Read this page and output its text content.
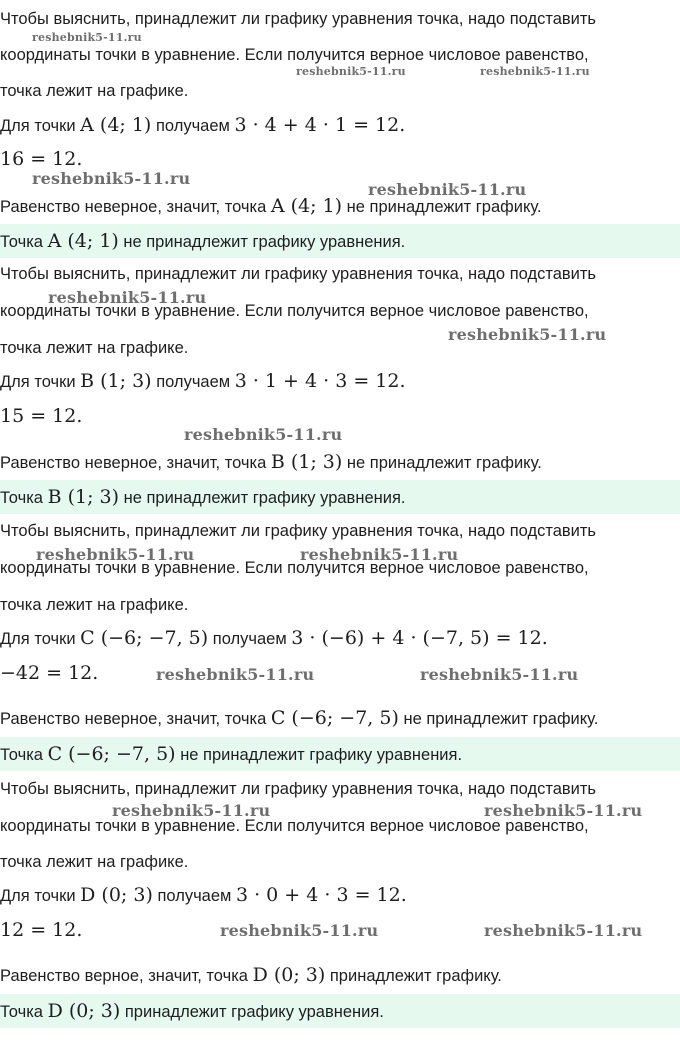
Чтобы выяснить, принадлежит ли графику уравнения точка, надо подставить
координаты точки в уравнение. Если получится верное числовое равенство,
точка лежит на графике.
Для точки A (4; 1) получаем 3 · 4 + 4 · 1 = 12.
16 = 12.
Равенство неверное, значит, точка A (4; 1) не принадлежит графику.
Точка A (4; 1) не принадлежит графику уравнения.
Чтобы выяснить, принадлежит ли графику уравнения точка, надо подставить
координаты точки в уравнение. Если получится верное числовое равенство,
точка лежит на графике.
Для точки B (1; 3) получаем 3 · 1 + 4 · 3 = 12.
15 = 12.
Равенство неверное, значит, точка B (1; 3) не принадлежит графику.
Точка B (1; 3) не принадлежит графику уравнения.
Чтобы выяснить, принадлежит ли графику уравнения точка, надо подставить
координаты точки в уравнение. Если получится верное числовое равенство,
точка лежит на графике.
Для точки C (−6; −7, 5) получаем 3 · (−6) + 4 · (−7, 5) = 12.
−42 = 12.
Равенство неверное, значит, точка C (−6; −7, 5) не принадлежит графику.
Точка C (−6; −7, 5) не принадлежит графику уравнения.
Чтобы выяснить, принадлежит ли графику уравнения точка, надо подставить
координаты точки в уравнение. Если получится верное числовое равенство,
точка лежит на графике.
Для точки D (0; 3) получаем 3 · 0 + 4 · 3 = 12.
12 = 12.
Равенство верное, значит, точка D (0; 3) принадлежит графику.
Точка D (0; 3) принадлежит графику уравнения.
reshebnik5-11.ru
reshebnik5-11.ru	reshebnik5-11.ru
reshebnik5-11.ru
reshebnik5-11.ru
reshebnik5-11.ru
reshebnik5-11.ru
reshebnik5-11.ru
reshebnik5-11.ru	reshebnik5-11.ru
reshebnik5-11.ru	reshebnik5-11.ru
reshebnik5-11.ru	reshebnik5-11.ru
reshebnik5-11.ru	reshebnik5-11.ru
